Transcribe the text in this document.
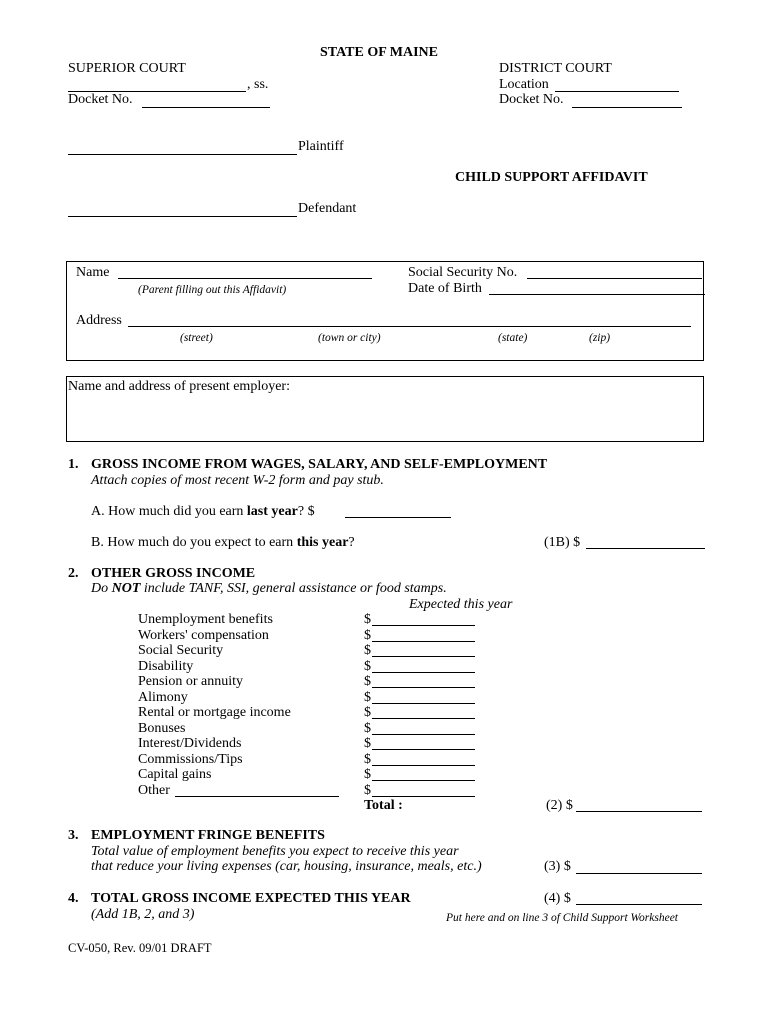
STATE OF MAINE
SUPERIOR COURT
, ss.
Docket No.
DISTRICT COURT
Location
Docket No.
Plaintiff
CHILD SUPPORT AFFIDAVIT
Defendant
Name
(Parent filling out this Affidavit)
Social Security No.
Date of Birth
Address
(street)	(town or city)	(state)	(zip)
Name and address of present employer:
1. GROSS INCOME FROM WAGES, SALARY, AND SELF-EMPLOYMENT
Attach copies of most recent W-2 form and pay stub.
A. How much did you earn last year? $
B. How much do you expect to earn this year?	(1B) $
2. OTHER GROSS INCOME
Do NOT include TANF, SSI, general assistance or food stamps.
Expected this year
Unemployment benefits	$
Workers' compensation	$
Social Security	$
Disability	$
Pension or annuity	$
Alimony	$
Rental or mortgage income	$
Bonuses	$
Interest/Dividends	$
Commissions/Tips	$
Capital gains	$
Other	$
Total :	(2) $
3. EMPLOYMENT FRINGE BENEFITS
Total value of employment benefits you expect to receive this year
that reduce your living expenses (car, housing, insurance, meals, etc.)	(3) $
4. TOTAL GROSS INCOME EXPECTED THIS YEAR
(Add 1B, 2, and 3)
(4) $
Put here and on line 3 of Child Support Worksheet
CV-050, Rev. 09/01 DRAFT
